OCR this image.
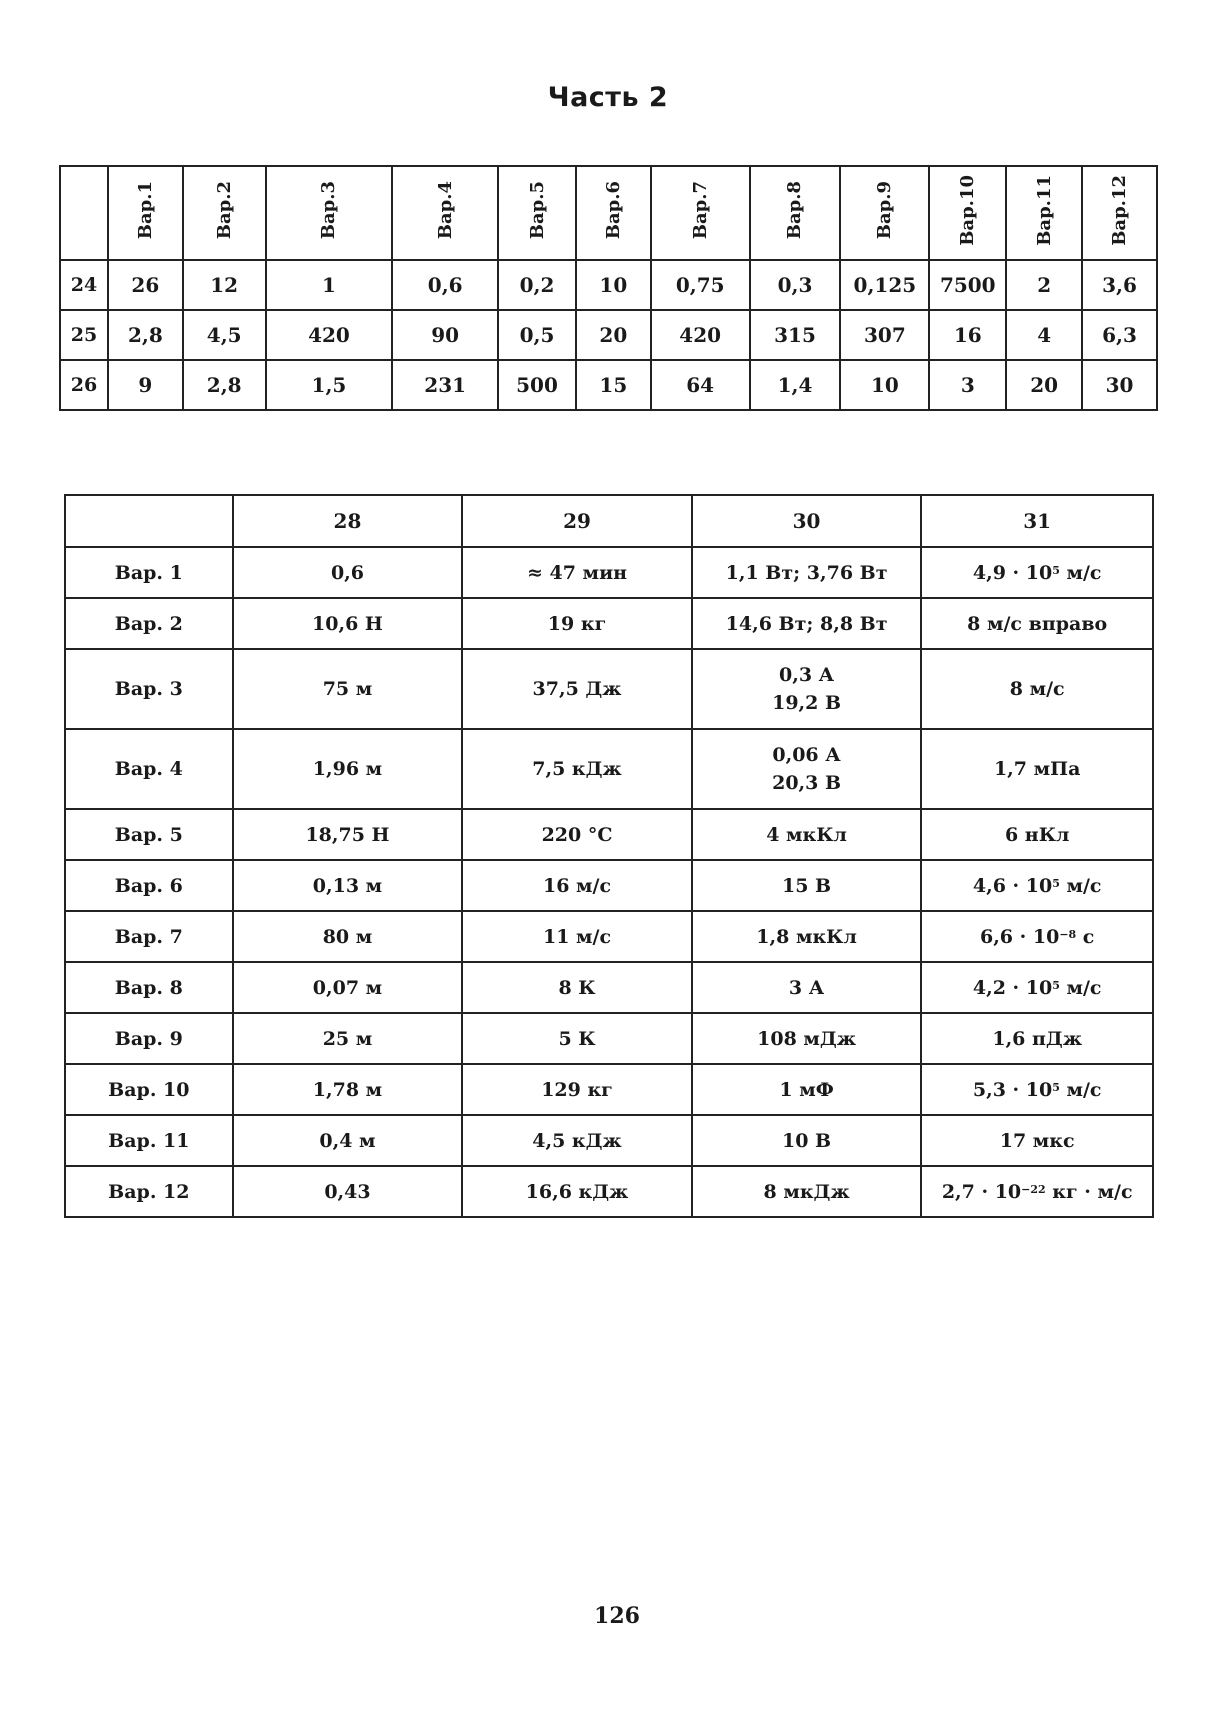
Часть 2
	Вар.1	Вар.2	Вар.3	Вар.4	Вар.5	Вар.6	Вар.7	Вар.8	Вар.9	Вар.10	Вар.11	Вар.12
24	26	12	1	0,6	0,2	10	0,75	0,3	0,125	7500	2	3,6
25	2,8	4,5	420	90	0,5	20	420	315	307	16	4	6,3
26	9	2,8	1,5	231	500	15	64	1,4	10	3	20	30
	28	29	30	31
Вар. 1	0,6	≈ 47 мин	1,1 Вт; 3,76 Вт	$4,9 \cdot 10^5$ м/с
Вар. 2	10,6 Н	19 кг	14,6 Вт; 8,8 Вт	8 м/с вправо
Вар. 3	75 м	37,5 Дж	0,3 А
19,2 В	8 м/с
Вар. 4	1,96 м	7,5 кДж	0,06 А
20,3 В	1,7 мПа
Вар. 5	18,75 Н	220 °С	4 мкКл	6 нКл
Вар. 6	0,13 м	16 м/с	15 В	$4,6 \cdot 10^5$ м/с
Вар. 7	80 м	11 м/с	1,8 мкКл	$6,6 \cdot 10^{-8}$ с
Вар. 8	0,07 м	8 К	3 А	$4,2 \cdot 10^5$ м/с
Вар. 9	25 м	5 К	108 мДж	1,6 пДж
Вар. 10	1,78 м	129 кг	1 мФ	$5,3 \cdot 10^5$ м/с
Вар. 11	0,4 м	4,5 кДж	10 В	17 мкс
Вар. 12	0,43	16,6 кДж	8 мкДж	$2,7 \cdot 10^{-22}$ кг · м/с
126
